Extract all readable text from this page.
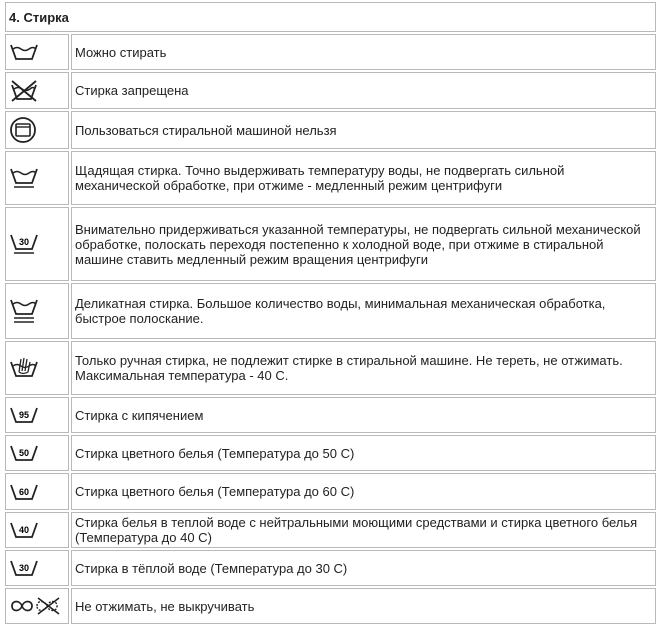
4. Стирка	

	Можно стирать

	Стирка запрещена

	Пользоваться стиральной машиной нельзя

	Щадящая стирка. Точно выдерживать температуру воды, не подвергать сильной механической обработке, при отжиме - медленный режим центрифуги

30	Внимательно придерживаться указанной температуры, не подвергать сильной механической обработке, полоскать переходя постепенно к холодной воде, при отжиме в стиральной машине ставить медленный режим вращения центрифуги

	Деликатная стирка. Большое количество воды, минимальная механическая обработка, быстрое полоскание.

	Только ручная стирка, не подлежит стирке в стиральной машине. Не тереть, не отжимать. Максимальная температура - 40 С.

95	Стирка с кипячением

50	Стирка цветного белья (Температура до 50 С)

60	Стирка цветного белья (Температура до 60 С)

40	Стирка белья в теплой воде с нейтральными моющими средствами и стирка цветного белья (Температура до 40 С)

30	Стирка в тёплой воде (Температура до 30 С)

	Не отжимать, не выкручивать
